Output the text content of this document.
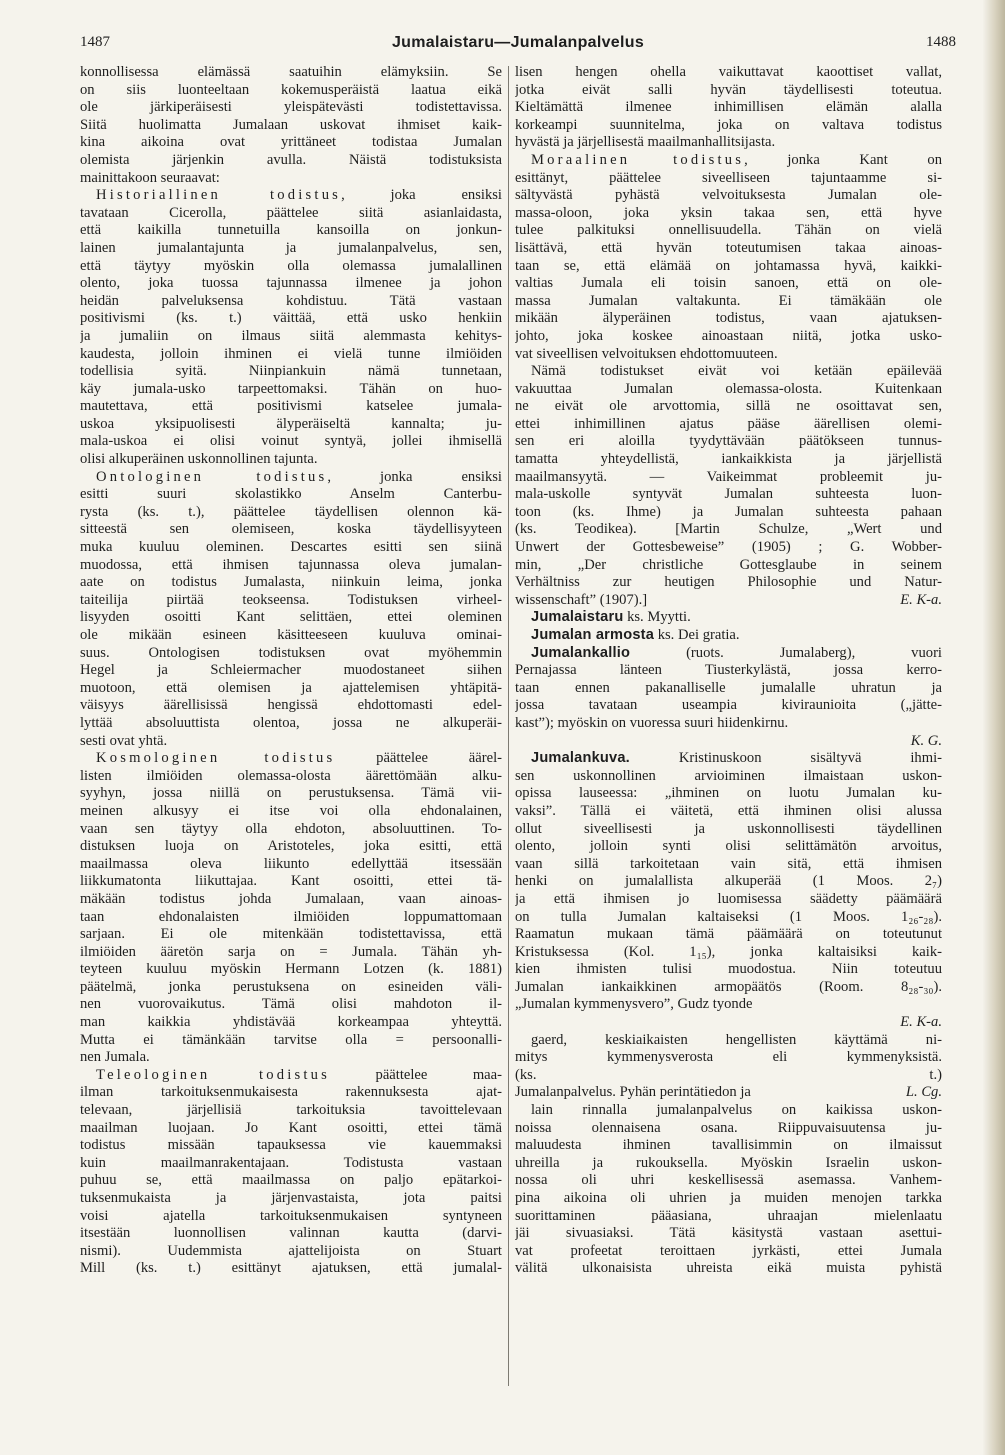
1487	Jumalaistaru—Jumalanpalvelus	1488
konnollisessa elämässä saatuihin elämyksiin. Se
on siis luonteeltaan kokemusperäistä laatua eikä
ole järkiperäisesti yleispätevästi todistettavissa.
Siitä huolimatta Jumalaan uskovat ihmiset kaik-
kina aikoina ovat yrittäneet todistaa Jumalan
olemista järjenkin avulla. Näistä todistuksista
mainittakoon seuraavat:
Historiallinen todistus, joka ensiksi
tavataan Cicerolla, päättelee siitä asianlaidasta,
että kaikilla tunnetuilla kansoilla on jonkun-
lainen jumalantajunta ja jumalanpalvelus, sen,
että täytyy myöskin olla olemassa jumalallinen
olento, joka tuossa tajunnassa ilmenee ja johon
heidän palveluksensa kohdistuu. Tätä vastaan
positivismi (ks. t.) väittää, että usko henkiin
ja jumaliin on ilmaus siitä alemmasta kehitys-
kaudesta, jolloin ihminen ei vielä tunne ilmiöiden
todellisia syitä. Niinpiankuin nämä tunnetaan,
käy jumala-usko tarpeettomaksi. Tähän on huo-
mautettava, että positivismi katselee jumala-
uskoa yksipuolisesti älyperäiseltä kannalta; ju-
mala-uskoa ei olisi voinut syntyä, jollei ihmisellä
olisi alkuperäinen uskonnollinen tajunta.
Ontologinen todistus, jonka ensiksi
esitti suuri skolastikko Anselm Canterbu-
rysta (ks. t.), päättelee täydellisen olennon kä-
sitteestä sen olemiseen, koska täydellisyyteen
muka kuuluu oleminen. Descartes esitti sen siinä
muodossa, että ihmisen tajunnassa oleva jumalan-
aate on todistus Jumalasta, niinkuin leima, jonka
taiteilija piirtää teokseensa. Todistuksen virheel-
lisyyden osoitti Kant selittäen, ettei oleminen
ole mikään esineen käsitteeseen kuuluva ominai-
suus. Ontologisen todistuksen ovat myöhemmin
Hegel ja Schleiermacher muodostaneet siihen
muotoon, että olemisen ja ajattelemisen yhtäpitä-
väisyys äärellisissä hengissä ehdottomasti edel-
lyttää absoluuttista olentoa, jossa ne alkuperäi-
sesti ovat yhtä.
Kosmologinen todistus päättelee äärel-
listen ilmiöiden olemassa-olosta äärettömään alku-
syyhyn, jossa niillä on perustuksensa. Tämä vii-
meinen alkusyy ei itse voi olla ehdonalainen,
vaan sen täytyy olla ehdoton, absoluuttinen. To-
distuksen luoja on Aristoteles, joka esitti, että
maailmassa oleva liikunto edellyttää itsessään
liikkumatonta liikuttajaa. Kant osoitti, ettei tä-
mäkään todistus johda Jumalaan, vaan ainoas-
taan ehdonalaisten ilmiöiden loppumattomaan
sarjaan. Ei ole mitenkään todistettavissa, että
ilmiöiden ääretön sarja on = Jumala. Tähän yh-
teyteen kuuluu myöskin Hermann Lotzen (k. 1881)
päätelmä, jonka perustuksena on esineiden väli-
nen vuorovaikutus. Tämä olisi mahdoton il-
man kaikkia yhdistävää korkeampaa yhteyttä.
Mutta ei tämänkään tarvitse olla = persoonalli-
nen Jumala.
Teleologinen todistus päättelee maa-
ilman tarkoituksenmukaisesta rakennuksesta ajat-
televaan, järjellisiä tarkoituksia tavoittelevaan
maailman luojaan. Jo Kant osoitti, ettei tämä
todistus missään tapauksessa vie kauemmaksi
kuin maailmanrakentajaan. Todistusta vastaan
puhuu se, että maailmassa on paljo epätarkoi-
tuksenmukaista ja järjenvastaista, jota paitsi
voisi ajatella tarkoituksenmukaisen syntyneen
itsestään luonnollisen valinnan kautta (darvi-
nismi). Uudemmista ajattelijoista on Stuart
Mill (ks. t.) esittänyt ajatuksen, että jumalal-
lisen hengen ohella vaikuttavat kaoottiset vallat,
jotka eivät salli hyvän täydellisesti toteutua.
Kieltämättä ilmenee inhimillisen elämän alalla
korkeampi suunnitelma, joka on valtava todistus
hyvästä ja järjellisestä maailmanhallitsijasta.
Moraalinen todistus, jonka Kant on
esittänyt, päättelee siveelliseen tajuntaamme si-
sältyvästä pyhästä velvoituksesta Jumalan ole-
massa-oloon, joka yksin takaa sen, että hyve
tulee palkituksi onnellisuudella. Tähän on vielä
lisättävä, että hyvän toteutumisen takaa ainoas-
taan se, että elämää on johtamassa hyvä, kaikki-
valtias Jumala eli toisin sanoen, että on ole-
massa Jumalan valtakunta. Ei tämäkään ole
mikään älyperäinen todistus, vaan ajatuksen-
johto, joka koskee ainoastaan niitä, jotka usko-
vat siveellisen velvoituksen ehdottomuuteen.
Nämä todistukset eivät voi ketään epäilevää
vakuuttaa Jumalan olemassa-olosta. Kuitenkaan
ne eivät ole arvottomia, sillä ne osoittavat sen,
ettei inhimillinen ajatus pääse äärellisen olemi-
sen eri aloilla tyydyttävään päätökseen tunnus-
tamatta yhteydellistä, iankaikkista ja järjellistä
maailmansyytä. — Vaikeimmat probleemit ju-
mala-uskolle syntyvät Jumalan suhteesta luon-
toon (ks. Ihme) ja Jumalan suhteesta pahaan
(ks. Teodikea). [Martin Schulze, „Wert und
Unwert der Gottesbeweise” (1905) ; G. Wobber-
min, „Der christliche Gottesglaube in seinem
Verhältniss zur heutigen Philosophie und Natur-
wissenschaft” (1907).]	E. K-a.
Jumalaistaru ks. Myytti.
Jumalan armosta ks. Dei gratia.
Jumalankallio (ruots. Jumalaberg), vuori
Pernajassa länteen Tiusterkylästä, jossa kerro-
taan ennen pakanalliselle jumalalle uhratun ja
jossa tavataan useampia kiviraunioita („jätte-
kast”); myöskin on vuoressa suuri hiidenkirnu.
K. G.
Jumalankuva. Kristinuskoon sisältyvä ihmi-
sen uskonnollinen arvioiminen ilmaistaan uskon-
opissa lauseessa: „ihminen on luotu Jumalan ku-
vaksi”. Tällä ei väitetä, että ihminen olisi alussa
ollut siveellisesti ja uskonnollisesti täydellinen
olento, jolloin synti olisi selittämätön arvoitus,
vaan sillä tarkoitetaan vain sitä, että ihmisen
henki on jumalallista alkuperää (1 Moos. 2₇)
ja että ihmisen jo luomisessa säädetty päämäärä
on tulla Jumalan kaltaiseksi (1 Moos. 1₂₆-₂₈).
Raamatun mukaan tämä päämäärä on toteutunut
Kristuksessa (Kol. 1₁₅), jonka kaltaisiksi kaik-
kien ihmisten tulisi muodostua. Niin toteutuu
Jumalan iankaikkinen armopäätös (Room. 8₂₈-₃₀).
„Jumalan kymmenysvero”, Gudz tyonde
E. K-a.
gaerd, keskiaikaisten hengellisten käyttämä ni-
mitys kymmenysverosta eli kymmenyksistä.
(ks. t.)
Jumalanpalvelus. Pyhän perintätiedon ja	L. Cg.
lain rinnalla jumalanpalvelus on kaikissa uskon-
noissa olennaisena osana. Riippuvaisuutensa ju-
maluudesta ihminen tavallisimmin on ilmaissut
uhreilla ja rukouksella. Myöskin Israelin uskon-
nossa oli uhri keskellisessä asemassa. Vanhem-
pina aikoina oli uhrien ja muiden menojen tarkka
suorittaminen pääasiana, uhraajan mielenlaatu
jäi sivuasiaksi. Tätä käsitystä vastaan asettui-
vat profeetat teroittaen jyrkästi, ettei Jumala
välitä ulkonaisista uhreista eikä muista pyhistä
